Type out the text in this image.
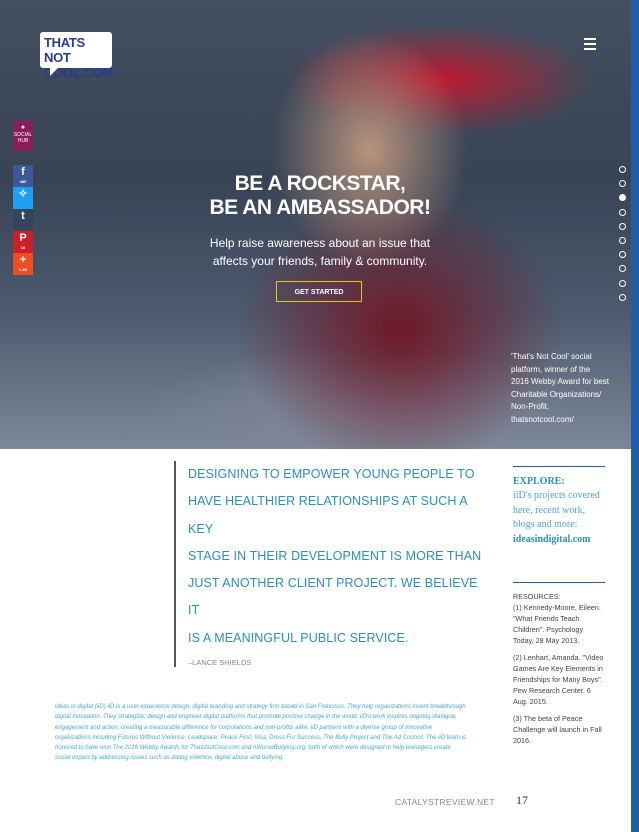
THATS NOT
COOL.COM
●
SOCIAL HUB
f
480
✧
t
P
10
+
1.4K
BE A ROCKSTAR,
BE AN AMBASSADOR!
Help raise awareness about an issue that
affects your friends, family & community.
GET STARTED
'That's Not Cool' social
platform, winner of the
2016 Webby Award for best
Charitable Organizations/
Non-Profit.
thatsnotcool.com/
DESIGNING TO EMPOWER YOUNG PEOPLE TO
HAVE HEALTHIER RELATIONSHIPS AT SUCH A KEY
STAGE IN THEIR DEVELOPMENT IS MORE THAN
JUST ANOTHER CLIENT PROJECT. WE BELIEVE IT
IS A MEANINGFUL PUBLIC SERVICE.
–LANCE SHIELDS
ideas in digital (iiD) iiD is a user experience design, digital branding and strategy firm based in San Francisco. They help organizations invent breakthrough digital innovation. They strategize, design and engineer digital platforms that promote positive change in the world. iiD's work inspires ongoing dialogue, engagement and action, creating a measurable difference for corporations and non-profits alike. iiD partners with a diverse group of innovative organizations including Futures Without Violence, Leadspace, Peace First, Visa, Dress For Success, The Bully Project and The Ad Council. The iiD team is honored to have won The 2016 Webby Awards for ThatsNotCool.com and #WorseBullying.org, both of which were designed to help teenagers create social impact by addressing issues such as dating violence, digital abuse and bullying.
EXPLORE:
iiD's projects covered here, recent work, blogs and more:
ideasindigital.com
RESOURCES:
(1) Kennedy-Moore, Eileen. "What Friends Teach Children". Psychology Today, 28 May 2013.
(2) Lenhart, Amanda. "Video Games Are Key Elements in Friendships for Many Boys". Pew Research Center. 6 Aug. 2015.
(3) The beta of Peace Challenge will launch in Fall 2016.
CATALYSTREVIEW.NET 17
